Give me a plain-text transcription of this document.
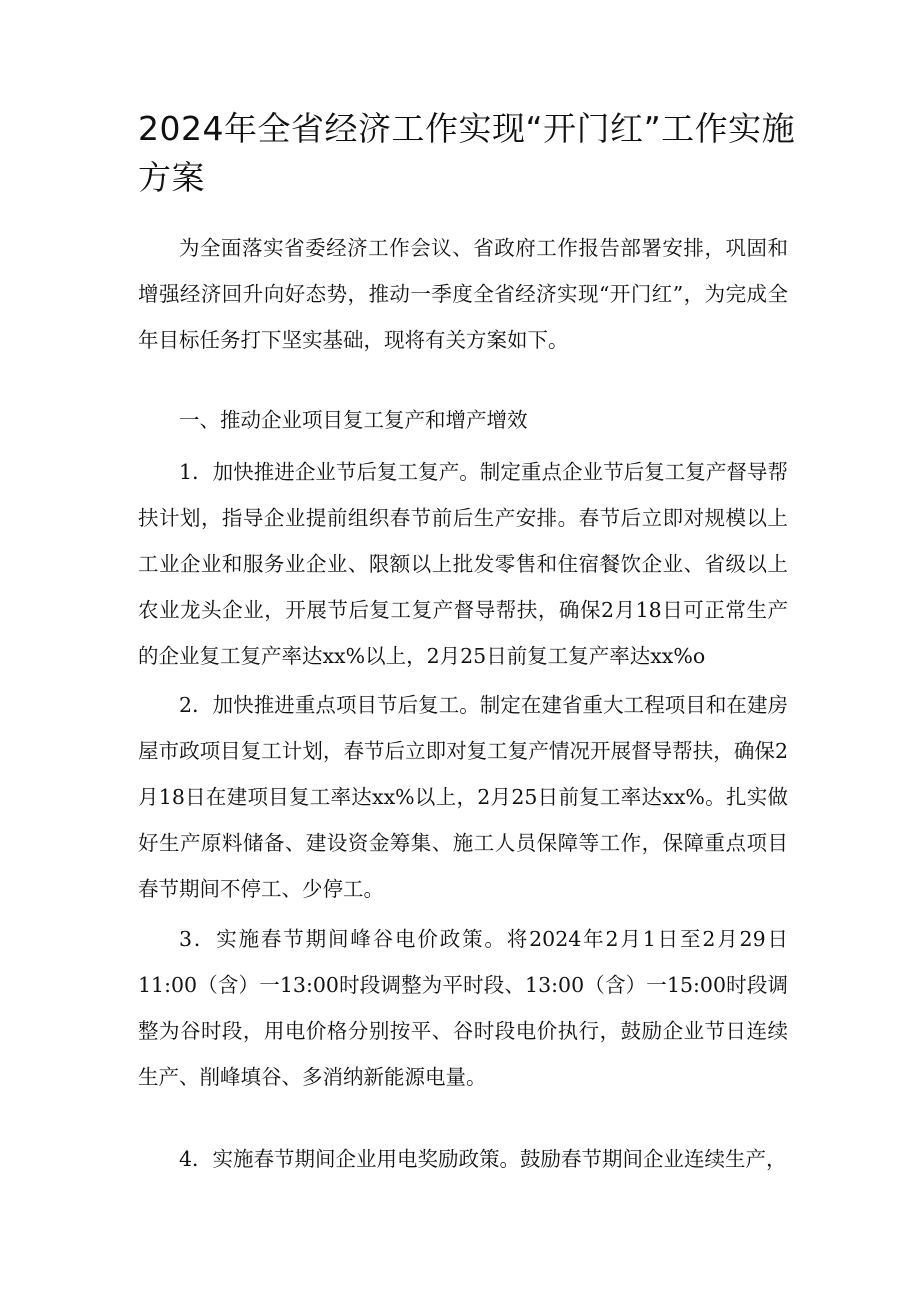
2024年全省经济工作实现“开门红”工作实施方案

为全面落实省委经济工作会议、省政府工作报告部署安排，巩固和增强经济回升向好态势，推动一季度全省经济实现“开门红”，为完成全年目标任务打下坚实基础，现将有关方案如下。

一、推动企业项目复工复产和增产增效

1．加快推进企业节后复工复产。制定重点企业节后复工复产督导帮扶计划，指导企业提前组织春节前后生产安排。春节后立即对规模以上工业企业和服务业企业、限额以上批发零售和住宿餐饮企业、省级以上农业龙头企业，开展节后复工复产督导帮扶，确保2月18日可正常生产的企业复工复产率达xx%以上，2月25日前复工复产率达xx%o

2．加快推进重点项目节后复工。制定在建省重大工程项目和在建房屋市政项目复工计划，春节后立即对复工复产情况开展督导帮扶，确保2月18日在建项目复工率达xx%以上，2月25日前复工率达xx%。扎实做好生产原料储备、建设资金筹集、施工人员保障等工作，保障重点项目春节期间不停工、少停工。

3．实施春节期间峰谷电价政策。将2024年2月1日至2月29日11:00（含）一13:00时段调整为平时段、13:00（含）一15:00时段调整为谷时段，用电价格分别按平、谷时段电价执行，鼓励企业节日连续生产、削峰填谷、多消纳新能源电量。

4．实施春节期间企业用电奖励政策。鼓励春节期间企业连续生产，
